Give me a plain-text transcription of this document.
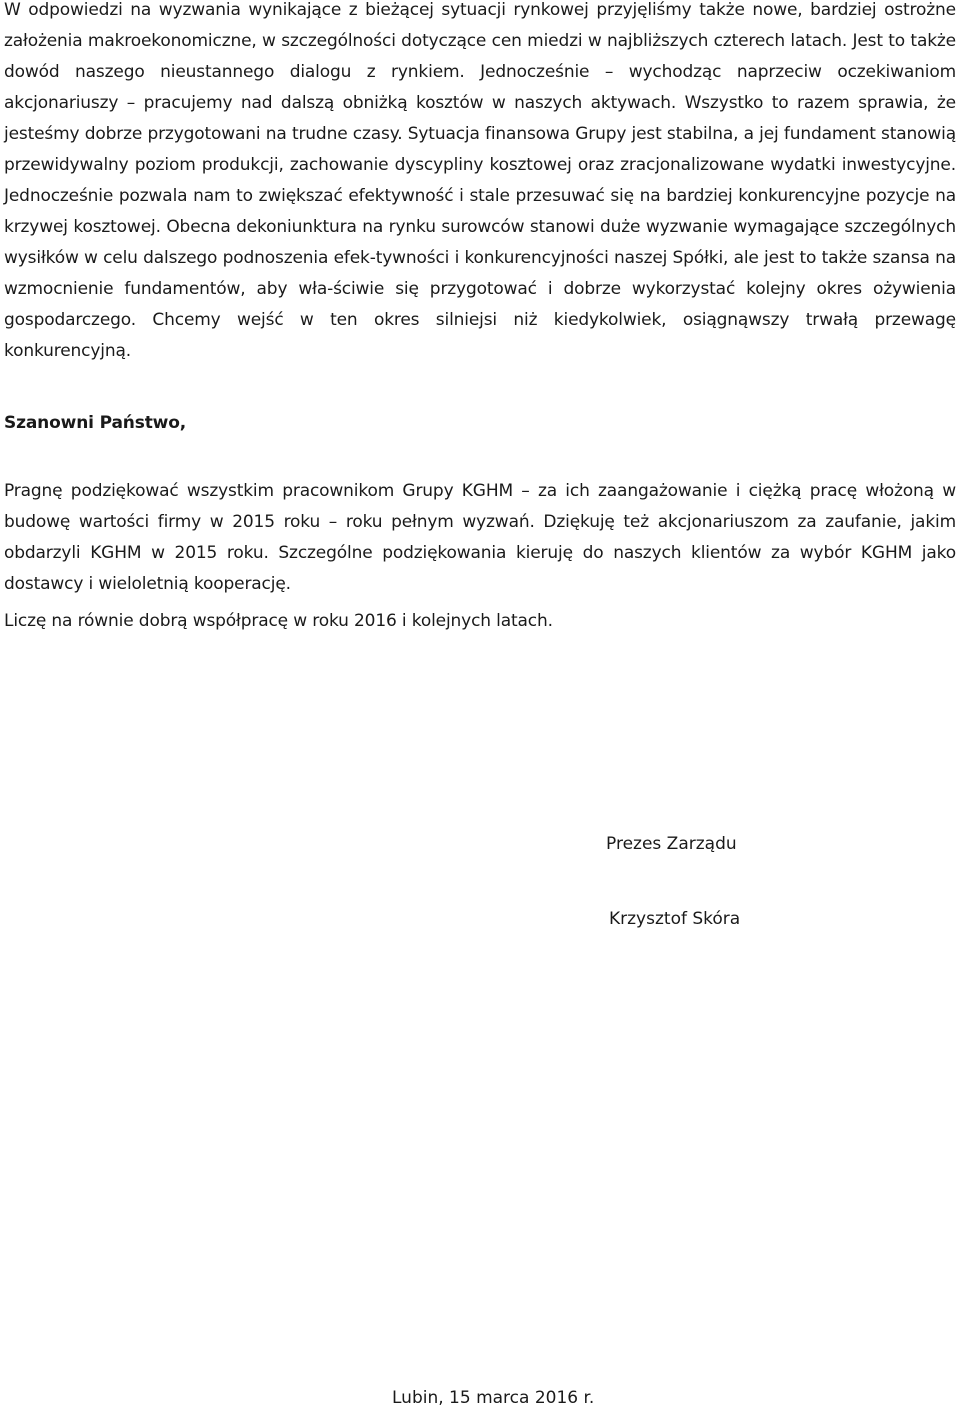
W odpowiedzi na wyzwania wynikające z bieżącej sytuacji rynkowej przyjęliśmy także nowe, bardziej ostrożne założenia makroekonomiczne, w szczególności dotyczące cen miedzi w najbliższych czterech latach. Jest to także dowód naszego nieustannego dialogu z rynkiem. Jednocześnie – wychodząc naprzeciw oczekiwaniom akcjonariuszy – pracujemy nad dalszą obniżką kosztów w naszych aktywach. Wszystko to razem sprawia, że jesteśmy dobrze przygotowani na trudne czasy. Sytuacja finansowa Grupy jest stabilna, a jej fundament stanowią przewidywalny poziom produkcji, zachowanie dyscypliny kosztowej oraz zracjonalizowane wydatki inwestycyjne. Jednocześnie pozwala nam to zwiększać efektywność i stale przesuwać się na bardziej konkurencyjne pozycje na krzywej kosztowej. Obecna dekoniunktura na rynku surowców stanowi duże wyzwanie wymagające szczególnych wysiłków w celu dalszego podnoszenia efek-tywności i konkurencyjności naszej Spółki, ale jest to także szansa na wzmocnienie fundamentów, aby wła-ściwie się przygotować i dobrze wykorzystać kolejny okres ożywienia gospodarczego. Chcemy wejść w ten okres silniejsi niż kiedykolwiek, osiągnąwszy trwałą przewagę konkurencyjną.

Szanowni Państwo,

Pragnę podziękować wszystkim pracownikom Grupy KGHM – za ich zaangażowanie i ciężką pracę włożoną w budowę wartości firmy w 2015 roku – roku pełnym wyzwań. Dziękuję też akcjonariuszom za zaufanie, jakim obdarzyli KGHM w 2015 roku. Szczególne podziękowania kieruję do naszych klientów za wybór KGHM jako dostawcy i wieloletnią kooperację.

Liczę na równie dobrą współpracę w roku 2016 i kolejnych latach.

Prezes Zarządu
Krzysztof Skóra
Lubin, 15 marca 2016 r.
